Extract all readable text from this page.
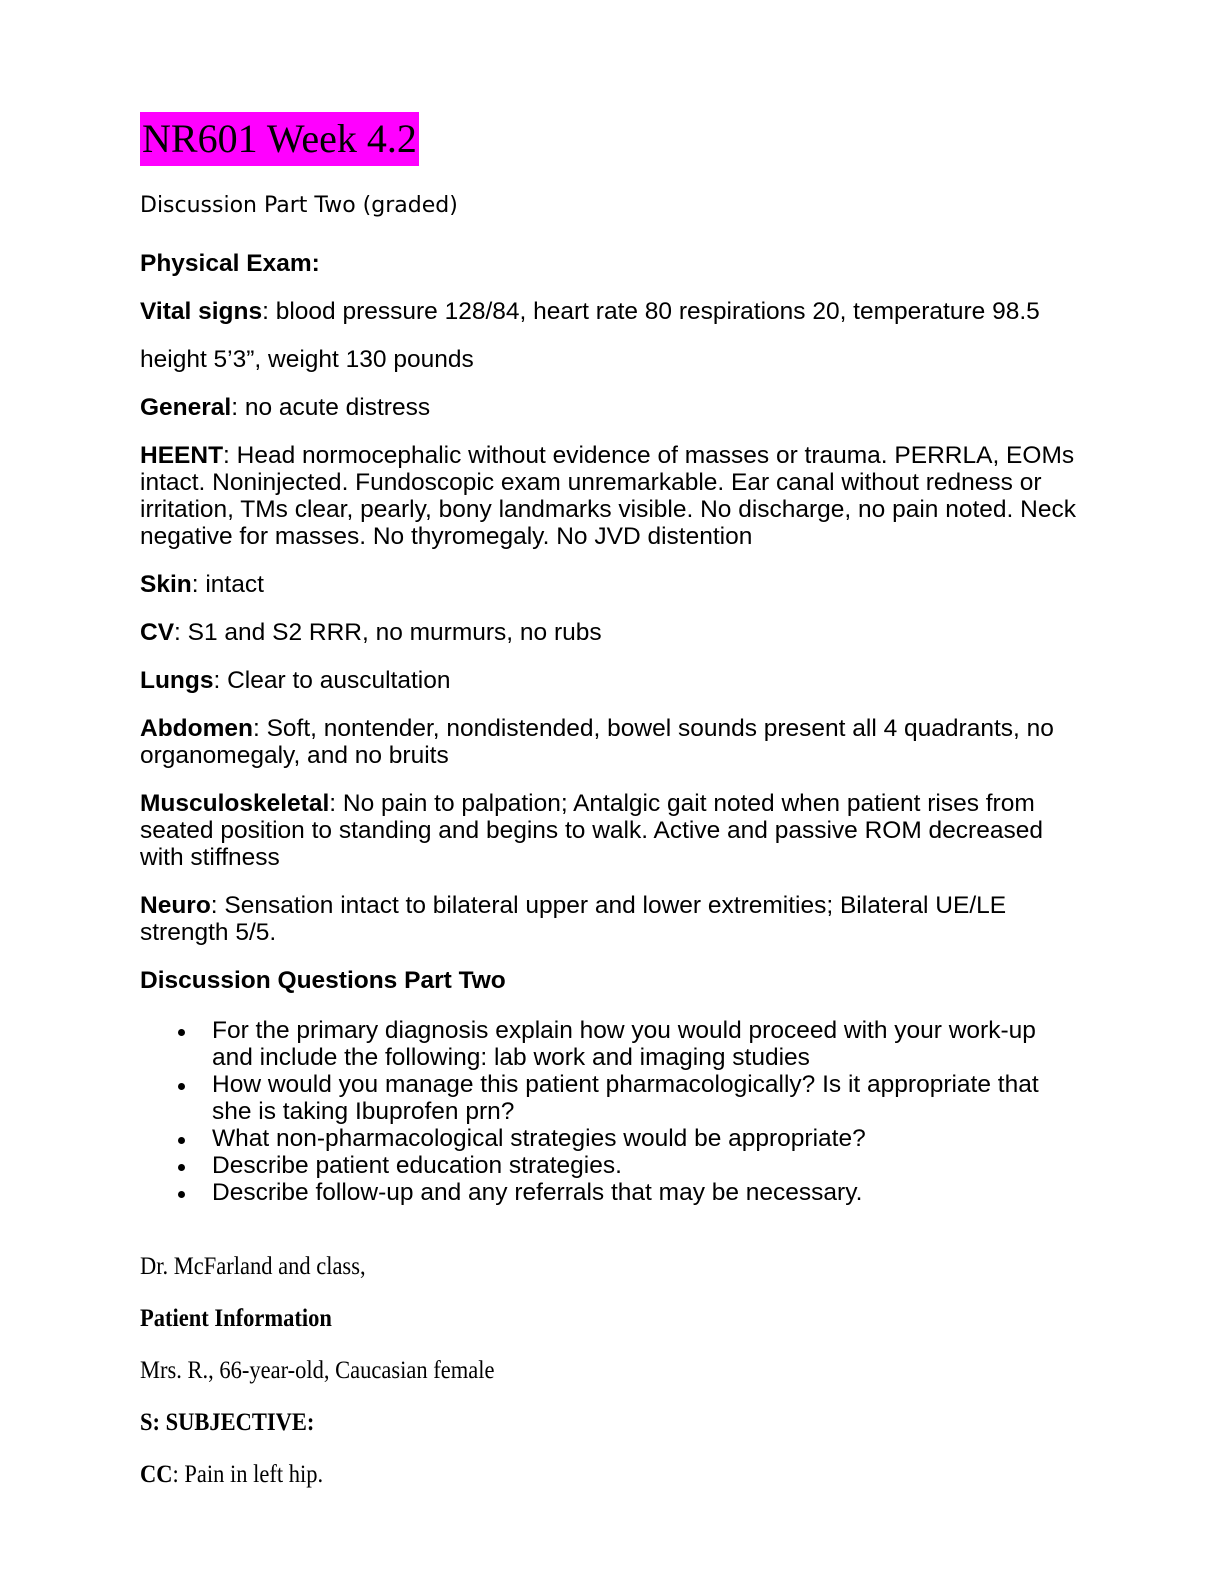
NR601 Week 4.2

Discussion Part Two (graded)

Physical Exam:

Vital signs: blood pressure 128/84, heart rate 80 respirations 20, temperature 98.5

height 5’3”, weight 130 pounds

General: no acute distress

HEENT: Head normocephalic without evidence of masses or trauma. PERRLA, EOMs intact. Noninjected. Fundoscopic exam unremarkable. Ear canal without redness or irritation, TMs clear, pearly, bony landmarks visible. No discharge, no pain noted. Neck negative for masses. No thyromegaly. No JVD distention

Skin: intact

CV: S1 and S2 RRR, no murmurs, no rubs

Lungs: Clear to auscultation

Abdomen: Soft, nontender, nondistended, bowel sounds present all 4 quadrants, no organomegaly, and no bruits

Musculoskeletal: No pain to palpation; Antalgic gait noted when patient rises from seated position to standing and begins to walk. Active and passive ROM decreased with stiffness

Neuro: Sensation intact to bilateral upper and lower extremities; Bilateral UE/LE strength 5/5.

Discussion Questions Part Two

For the primary diagnosis explain how you would proceed with your work-up and include the following: lab work and imaging studies
How would you manage this patient pharmacologically? Is it appropriate that she is taking Ibuprofen prn?
What non-pharmacological strategies would be appropriate?
Describe patient education strategies.
Describe follow-up and any referrals that may be necessary.

Dr. McFarland and class,

Patient Information

Mrs. R., 66-year-old, Caucasian female

S: SUBJECTIVE:

CC: Pain in left hip.
